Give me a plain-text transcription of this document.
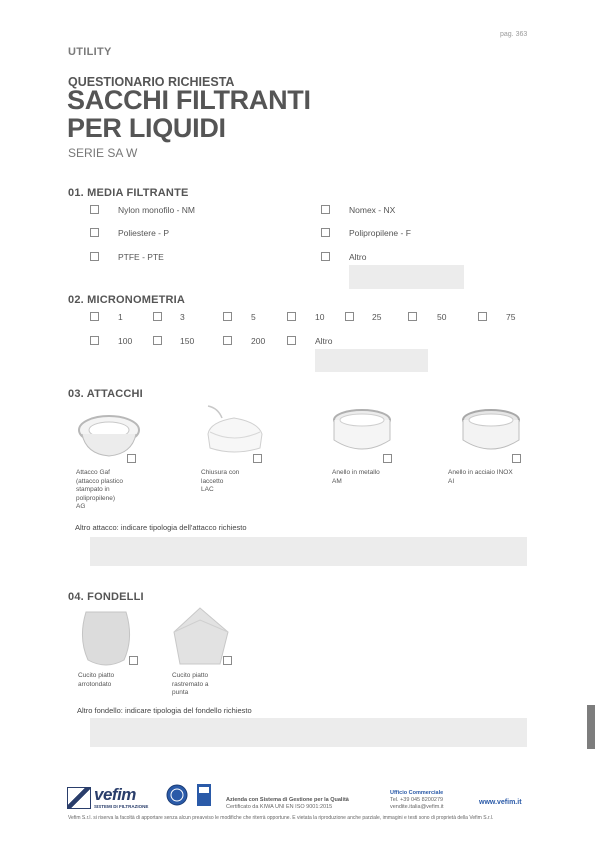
pag. 363
UTILITY
QUESTIONARIO RICHIESTA
SACCHI FILTRANTI
PER LIQUIDI
SERIE SA W
01. MEDIA FILTRANTE
Nylon monofilo - NM	Nomex - NX
Poliestere - P	Polipropilene - F
PTFE - PTE	Altro
02. MICRONOMETRIA
1	3	5	10	25	50	75
100	150	200	Altro
03. ATTACCHI
Attacco Gaf
(attacco plastico
stampato in
polipropilene)
AG
Chiusura con
laccetto
LAC
Anello in metallo
AM
Anello in acciaio INOX
AI
Altro attacco: indicare tipologia dell'attacco richiesto
04. FONDELLI
Cucito piatto
arrotondato
Cucito piatto
rastremato a
punta
Altro fondello: indicare tipologia del fondello richiesto
vefim
SISTEMI DI FILTRAZIONE
Azienda con Sistema di Gestione per la Qualità
Certificato da KIWA UNI EN ISO 9001:2015
Ufficio Commerciale
Tel. +39 045 8200279
vendite.italia@vefim.it
www.vefim.it
Vefim S.r.l. si riserva la facoltà di apportare senza alcun preavviso le modifiche che riterrà opportune. È vietata la riproduzione anche parziale, immagini e testi sono di proprietà della Vefim S.r.l.
